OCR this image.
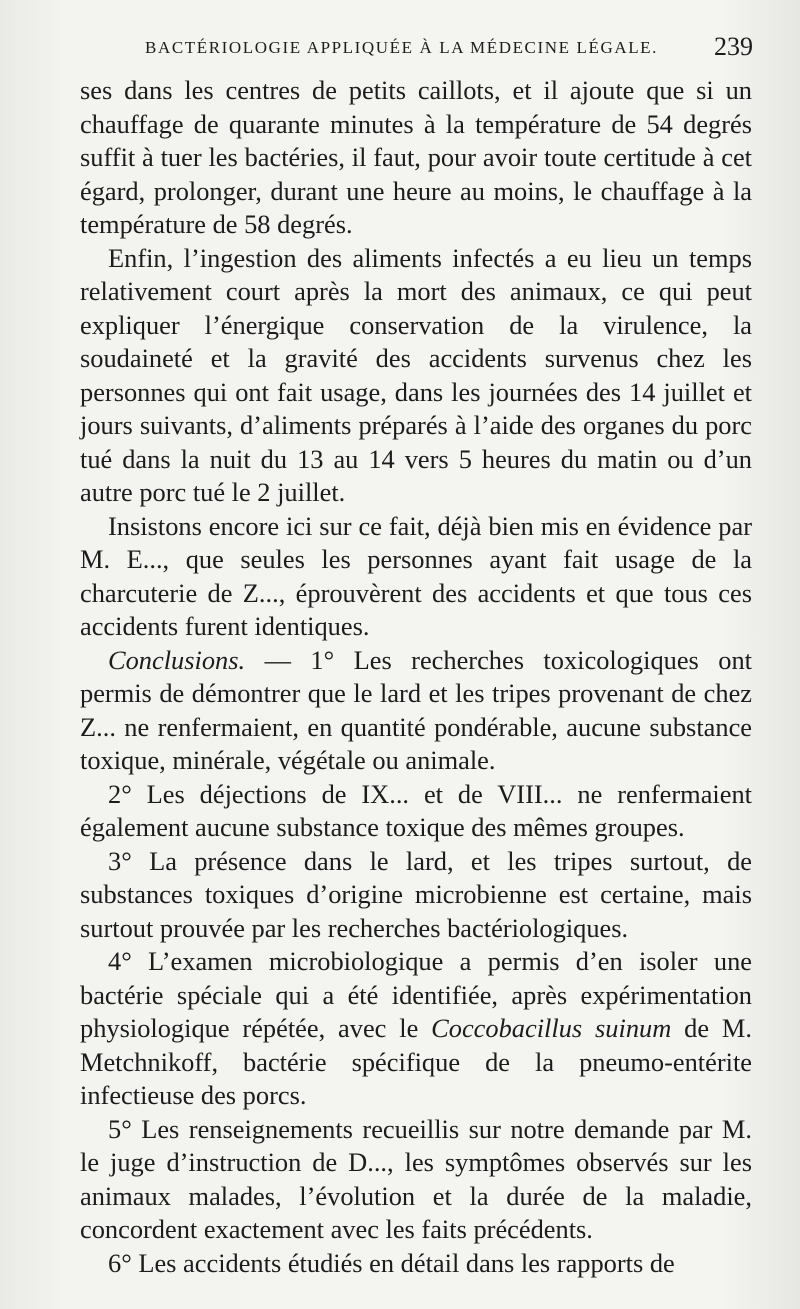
BACTÉRIOLOGIE APPLIQUÉE À LA MÉDECINE LÉGALE. 239

ses dans les centres de petits caillots, et il ajoute que si un chauffage de quarante minutes à la température de 54 degrés suffit à tuer les bactéries, il faut, pour avoir toute certitude à cet égard, prolonger, durant une heure au moins, le chauffage à la température de 58 degrés.

Enfin, l’ingestion des aliments infectés a eu lieu un temps relativement court après la mort des animaux, ce qui peut expliquer l’énergique conservation de la virulence, la soudaineté et la gravité des accidents survenus chez les personnes qui ont fait usage, dans les journées des 14 juillet et jours suivants, d’aliments préparés à l’aide des organes du porc tué dans la nuit du 13 au 14 vers 5 heures du matin ou d’un autre porc tué le 2 juillet.

Insistons encore ici sur ce fait, déjà bien mis en évidence par M. E..., que seules les personnes ayant fait usage de la charcuterie de Z..., éprouvèrent des accidents et que tous ces accidents furent identiques.

Conclusions. — 1° Les recherches toxicologiques ont permis de démontrer que le lard et les tripes provenant de chez Z... ne renfermaient, en quantité pondérable, aucune substance toxique, minérale, végétale ou animale.

2° Les déjections de IX... et de VIII... ne renfermaient également aucune substance toxique des mêmes groupes.

3° La présence dans le lard, et les tripes surtout, de substances toxiques d’origine microbienne est certaine, mais surtout prouvée par les recherches bactériologiques.

4° L’examen microbiologique a permis d’en isoler une bactérie spéciale qui a été identifiée, après expérimentation physiologique répétée, avec le Coccobacillus suinum de M. Metchnikoff, bactérie spécifique de la pneumo-entérite infectieuse des porcs.

5° Les renseignements recueillis sur notre demande par M. le juge d’instruction de D..., les symptômes observés sur les animaux malades, l’évolution et la durée de la maladie, concordent exactement avec les faits précédents.

6° Les accidents étudiés en détail dans les rapports de
